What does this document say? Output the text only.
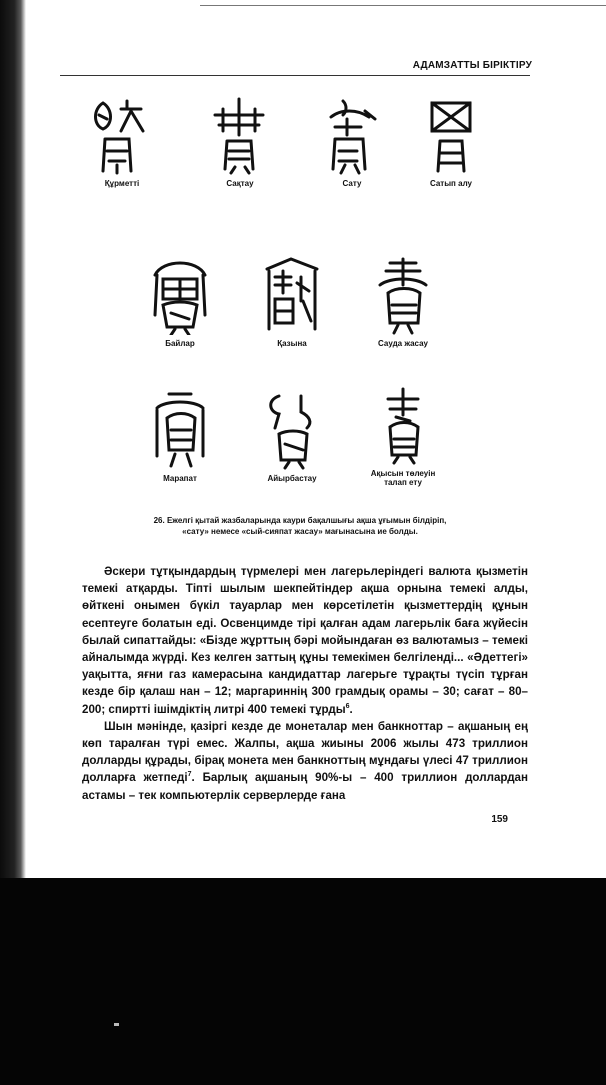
АДАМЗАТТЫ БІРІКТІРУ
Құрметті	Сақтау	Сату	Сатып алу
Байлар	Қазына	Сауда жасау
Марапат	Айырбастау
Ақысын төлеуін
талап ету
26. Ежелгі қытай жазбаларында каури бақалшығы ақша ұғымын білдіріп,
«сату» немесе «сый-сияпат жасау» мағынасына ие болды.

Әскери тұтқындардың түрмелері мен лагерьлеріндегі валюта қызметін темекі атқарды. Тіпті шылым шекпейтіндер ақша орнына темекі алды, өйткені онымен бүкіл тауарлар мен көрсетілетін қызметтердің құнын есептеуге болатын еді. Освенцимде тірі қалған адам лагерьлік баға жүйесін былай сипаттайды: «Бізде жұрттың бәрі мойындаған өз валютамыз – темекі айналымда жүрді. Кез келген заттың құны темекімен белгіленді... «Әдеттегі» уақытта, яғни газ камерасына кандидаттар лагерьге тұрақты түсіп тұрған кезде бір қалаш нан – 12; маргариннің 300 грамдық орамы – 30; сағат – 80–200; спиртті ішімдіктің литрі 400 темекі тұрды$^6$.

Шын мәнінде, қазіргі кезде де монеталар мен банкноттар – ақшаның ең көп таралған түрі емес. Жалпы, ақша жиыны 2006 жылы 473 триллион долларды құрады, бірақ монета мен банкноттың мұндағы үлесі 47 триллион долларға жетпеді$^7$. Барлық ақшаның 90%-ы – 400 триллион доллардан астамы – тек компьютерлік серверлерде ғана

159
